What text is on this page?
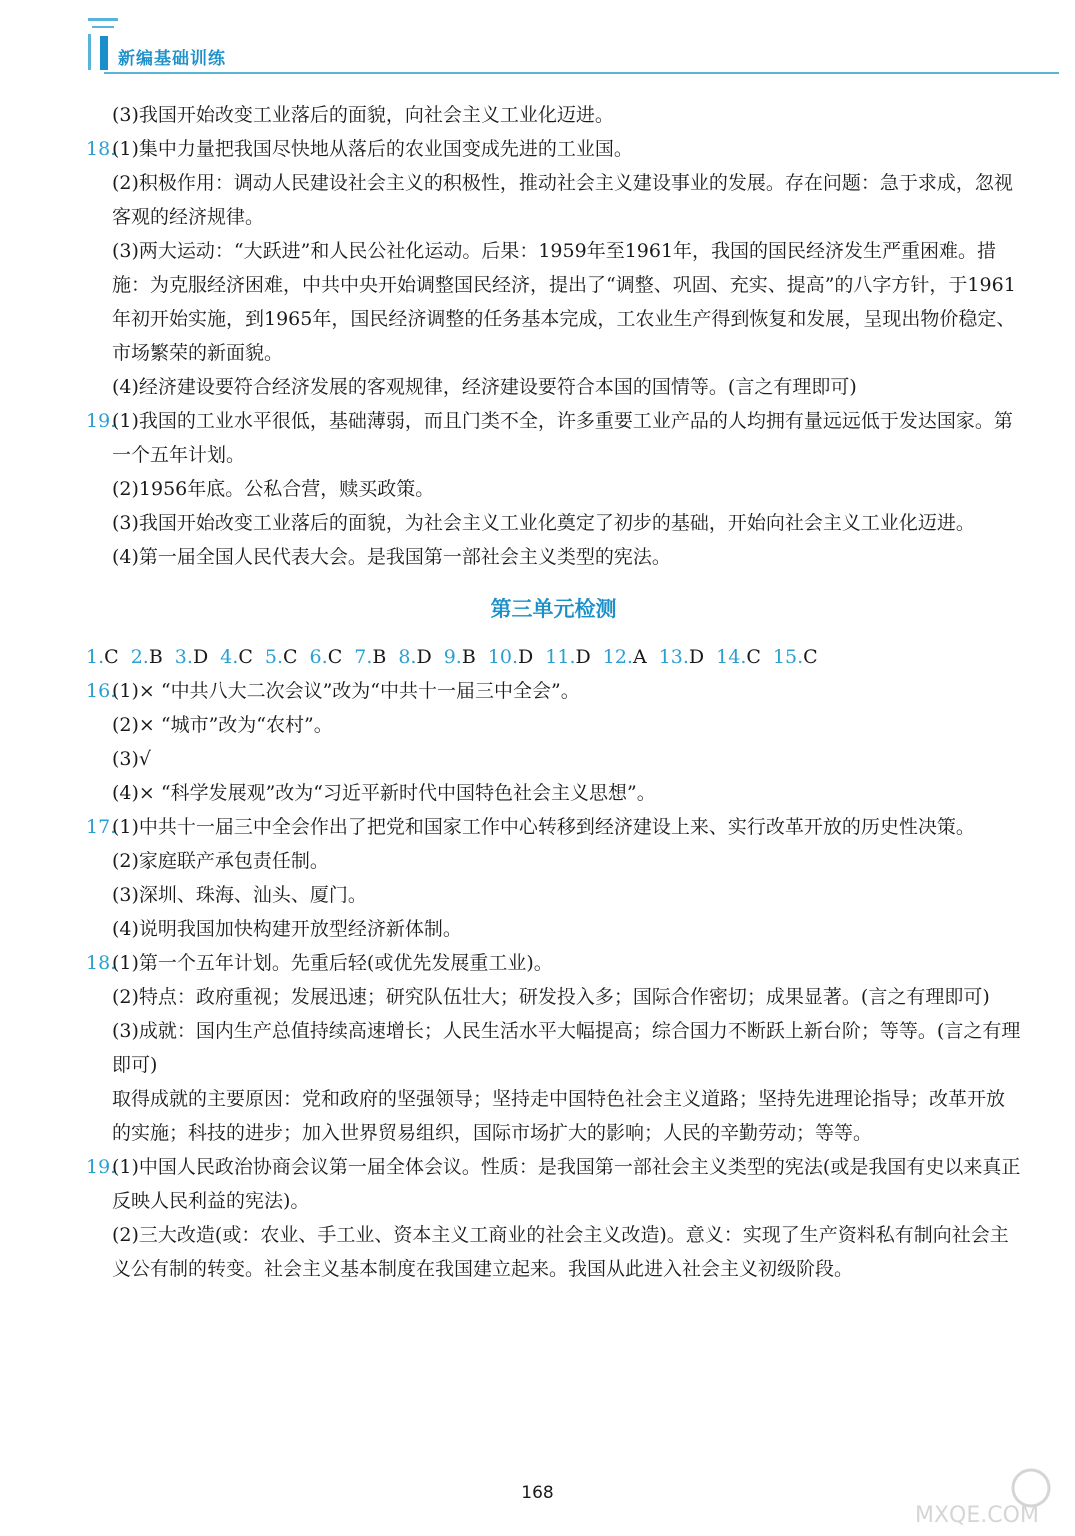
新编基础训练
(3)我国开始改变工业落后的面貌，向社会主义工业化迈进。
18.
(1)集中力量把我国尽快地从落后的农业国变成先进的工业国。
(2)积极作用：调动人民建设社会主义的积极性，推动社会主义建设事业的发展。存在问题：急于求成，忽视客观的经济规律。
(3)两大运动：“大跃进”和人民公社化运动。后果：1959年至1961年，我国的国民经济发生严重困难。措施：为克服经济困难，中共中央开始调整国民经济，提出了“调整、巩固、充实、提高”的八字方针，于1961年初开始实施，到1965年，国民经济调整的任务基本完成，工农业生产得到恢复和发展，呈现出物价稳定、市场繁荣的新面貌。
(4)经济建设要符合经济发展的客观规律，经济建设要符合本国的国情等。(言之有理即可)
19.
(1)我国的工业水平很低，基础薄弱，而且门类不全，许多重要工业产品的人均拥有量远远低于发达国家。第一个五年计划。
(2)1956年底。公私合营，赎买政策。
(3)我国开始改变工业落后的面貌，为社会主义工业化奠定了初步的基础，开始向社会主义工业化迈进。
(4)第一届全国人民代表大会。是我国第一部社会主义类型的宪法。
第三单元检测
1.C 2.B 3.D 4.C 5.C 6.C 7.B 8.D 9.B 10.D 11.D 12.A 13.D 14.C 15.C
16.
(1)× “中共八大二次会议”改为“中共十一届三中全会”。
(2)× “城市”改为“农村”。
(3)√
(4)× “科学发展观”改为“习近平新时代中国特色社会主义思想”。
17.
(1)中共十一届三中全会作出了把党和国家工作中心转移到经济建设上来、实行改革开放的历史性决策。
(2)家庭联产承包责任制。
(3)深圳、珠海、汕头、厦门。
(4)说明我国加快构建开放型经济新体制。
18.
(1)第一个五年计划。先重后轻(或优先发展重工业)。
(2)特点：政府重视；发展迅速；研究队伍壮大；研发投入多；国际合作密切；成果显著。(言之有理即可)
(3)成就：国内生产总值持续高速增长；人民生活水平大幅提高；综合国力不断跃上新台阶；等等。(言之有理即可)
取得成就的主要原因：党和政府的坚强领导；坚持走中国特色社会主义道路；坚持先进理论指导；改革开放的实施；科技的进步；加入世界贸易组织，国际市场扩大的影响；人民的辛勤劳动；等等。
19.
(1)中国人民政治协商会议第一届全体会议。性质：是我国第一部社会主义类型的宪法(或是我国有史以来真正反映人民利益的宪法)。
(2)三大改造(或：农业、手工业、资本主义工商业的社会主义改造)。意义：实现了生产资料私有制向社会主义公有制的转变。社会主义基本制度在我国建立起来。我国从此进入社会主义初级阶段。
168
MXQE.COM
